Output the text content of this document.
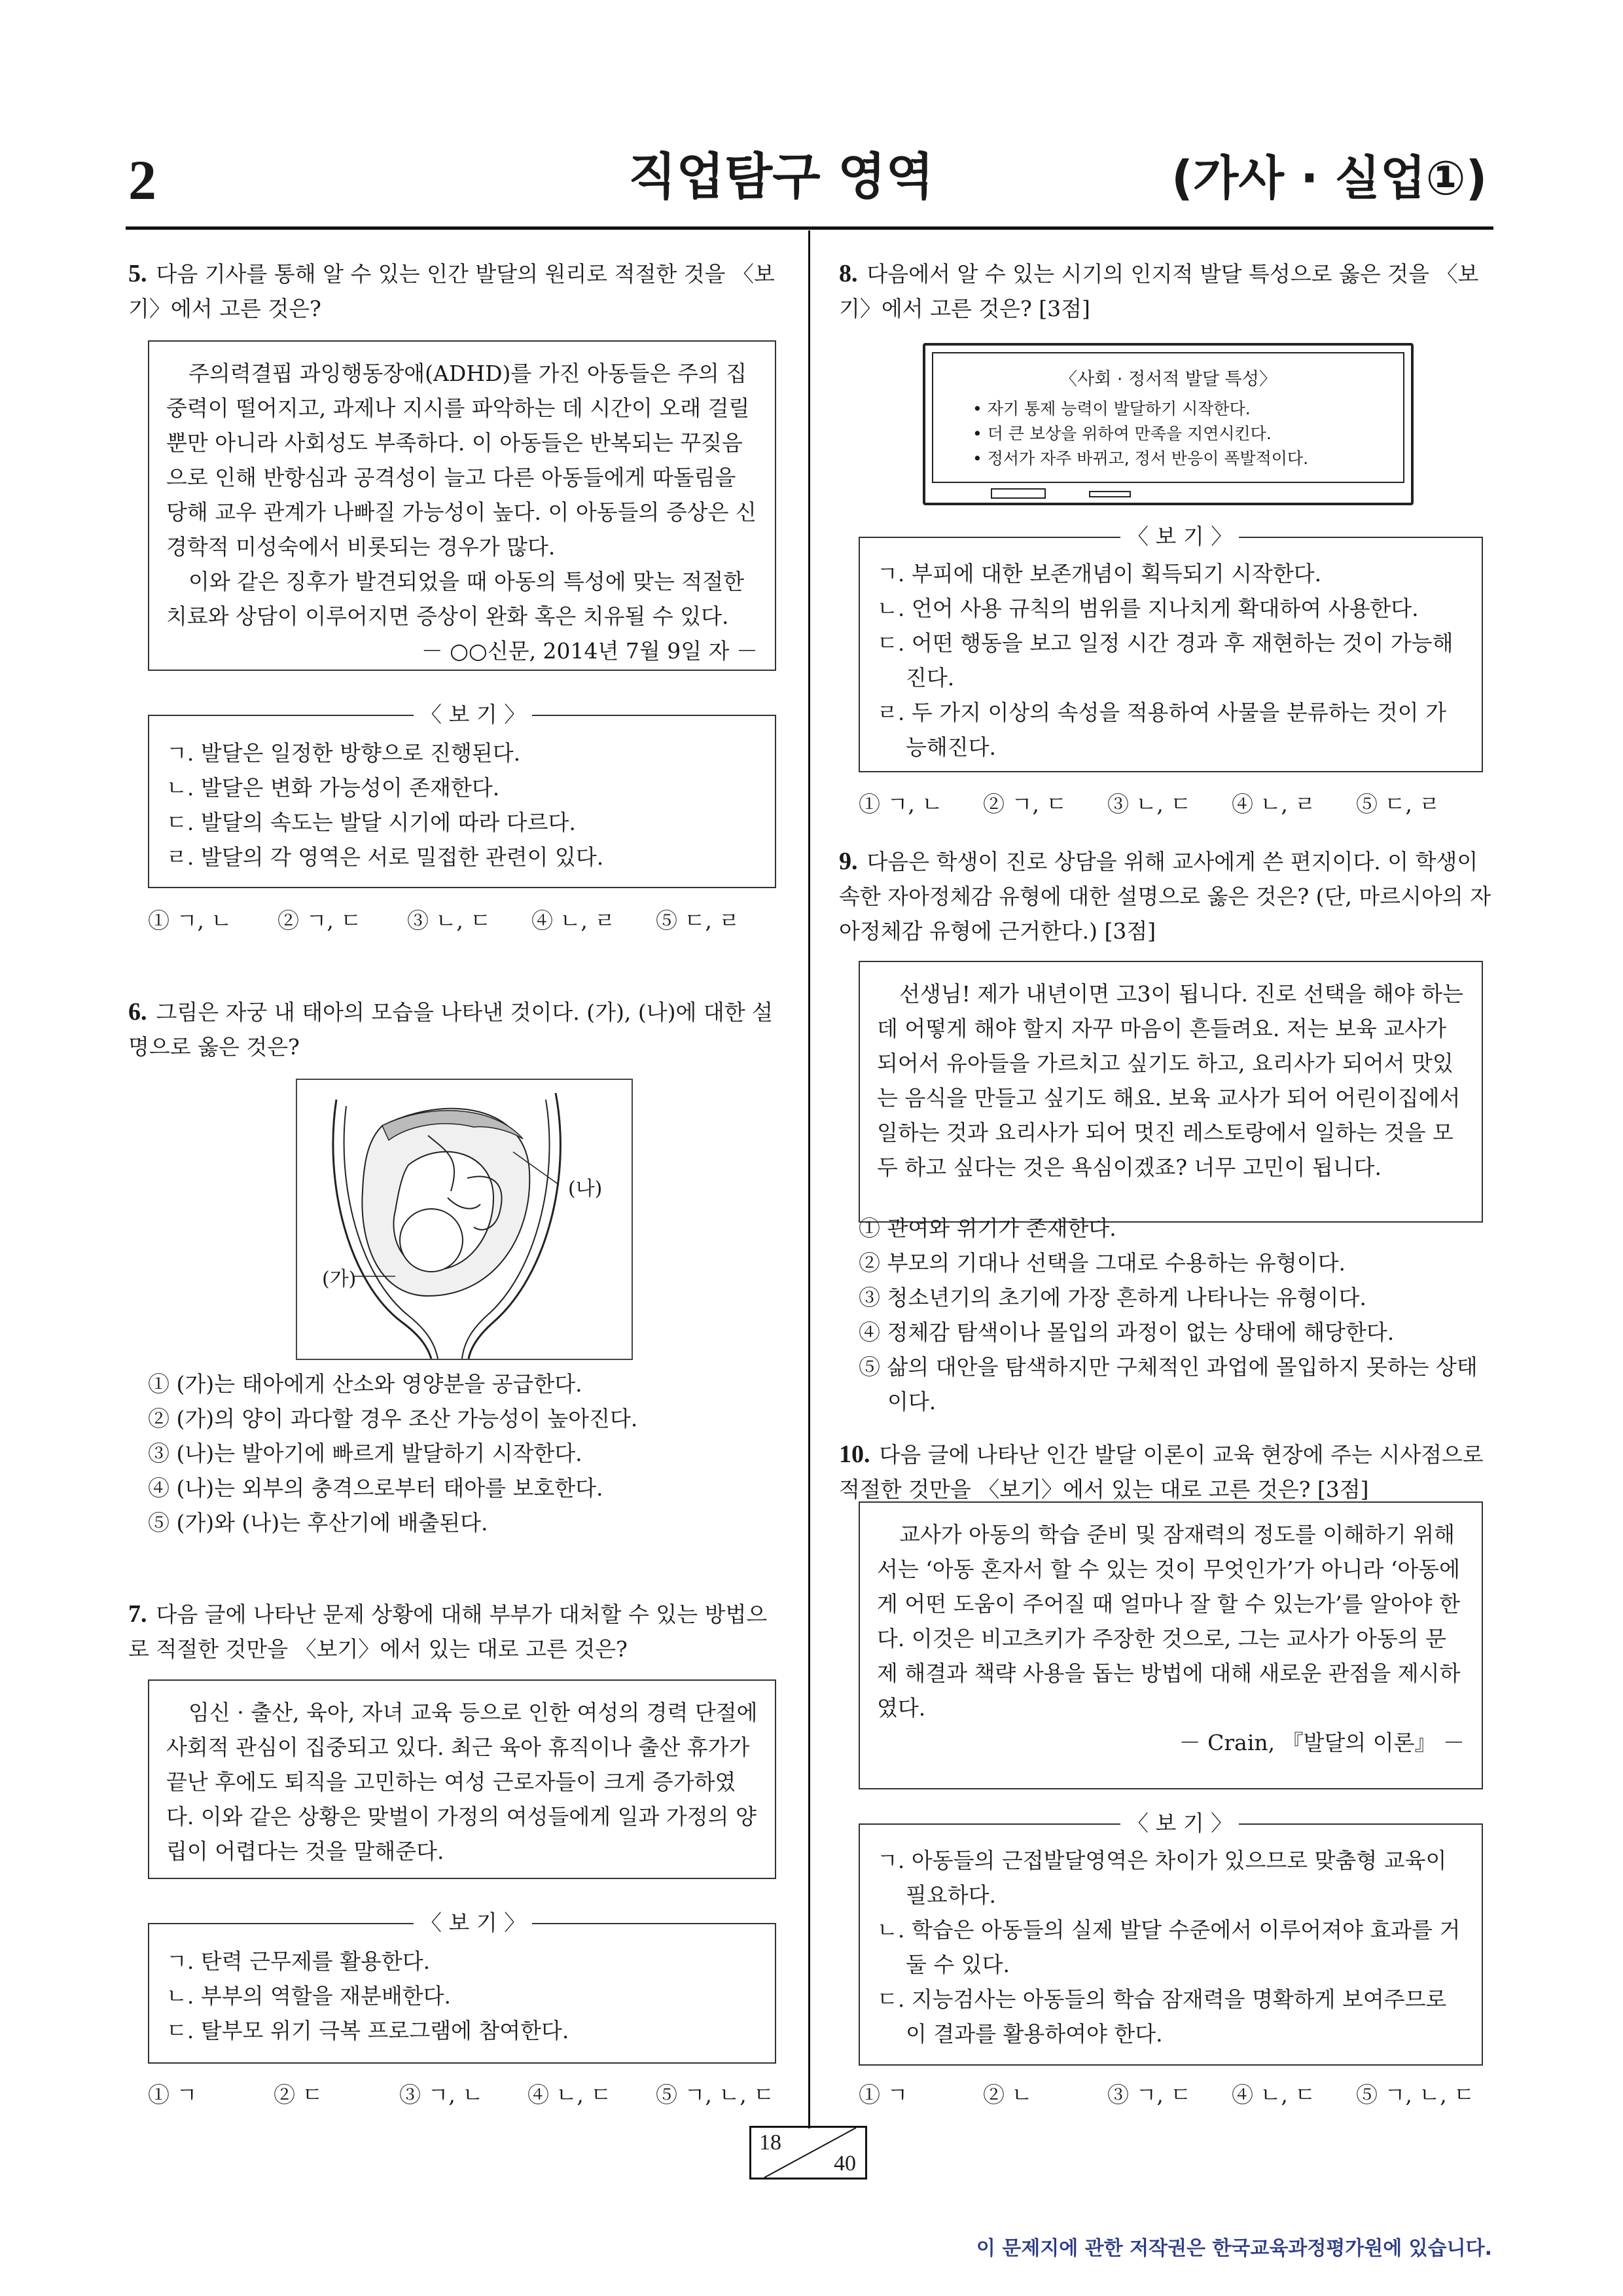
2	직업탐구 영역	(가사 · 실업①)
5. 다음 기사를 통해 알 수 있는 인간 발달의 원리로 적절한 것을 〈보기〉에서 고른 것은?

주의력결핍 과잉행동장애(ADHD)를 가진 아동들은 주의 집중력이 떨어지고, 과제나 지시를 파악하는 데 시간이 오래 걸릴 뿐만 아니라 사회성도 부족하다. 이 아동들은 반복되는 꾸짖음으로 인해 반항심과 공격성이 늘고 다른 아동들에게 따돌림을 당해 교우 관계가 나빠질 가능성이 높다. 이 아동들의 증상은 신경학적 미성숙에서 비롯되는 경우가 많다.

이와 같은 징후가 발견되었을 때 아동의 특성에 맞는 적절한 치료와 상담이 이루어지면 증상이 완화 혹은 치유될 수 있다.

－ ○○신문, 2014년 7월 9일 자 －

ㄱ. 발달은 일정한 방향으로 진행된다.

ㄴ. 발달은 변화 가능성이 존재한다.

ㄷ. 발달의 속도는 발달 시기에 따라 다르다.

ㄹ. 발달의 각 영역은 서로 밀접한 관련이 있다.

〈 보 기 〉
① ㄱ, ㄴ	② ㄱ, ㄷ	③ ㄴ, ㄷ	④ ㄴ, ㄹ	⑤ ㄷ, ㄹ
6. 그림은 자궁 내 태아의 모습을 나타낸 것이다. (가), (나)에 대한 설명으로 옳은 것은?
(나)
(가)

① (가)는 태아에게 산소와 영양분을 공급한다.

② (가)의 양이 과다할 경우 조산 가능성이 높아진다.

③ (나)는 발아기에 빠르게 발달하기 시작한다.

④ (나)는 외부의 충격으로부터 태아를 보호한다.

⑤ (가)와 (나)는 후산기에 배출된다.

7. 다음 글에 나타난 문제 상황에 대해 부부가 대처할 수 있는 방법으로 적절한 것만을 〈보기〉에서 있는 대로 고른 것은?

임신 · 출산, 육아, 자녀 교육 등으로 인한 여성의 경력 단절에 사회적 관심이 집중되고 있다. 최근 육아 휴직이나 출산 휴가가 끝난 후에도 퇴직을 고민하는 여성 근로자들이 크게 증가하였다. 이와 같은 상황은 맞벌이 가정의 여성들에게 일과 가정의 양립이 어렵다는 것을 말해준다.

ㄱ. 탄력 근무제를 활용한다.

ㄴ. 부부의 역할을 재분배한다.

ㄷ. 탈부모 위기 극복 프로그램에 참여한다.

〈 보 기 〉
① ㄱ	② ㄷ	③ ㄱ, ㄴ	④ ㄴ, ㄷ	⑤ ㄱ, ㄴ, ㄷ
8. 다음에서 알 수 있는 시기의 인지적 발달 특성으로 옳은 것을 〈보기〉에서 고른 것은? [3점]
〈사회 · 정서적 발달 특성〉
• 자기 통제 능력이 발달하기 시작한다.
• 더 큰 보상을 위하여 만족을 지연시킨다.
• 정서가 자주 바뀌고, 정서 반응이 폭발적이다.

ㄱ. 부피에 대한 보존개념이 획득되기 시작한다.

ㄴ. 언어 사용 규칙의 범위를 지나치게 확대하여 사용한다.

ㄷ. 어떤 행동을 보고 일정 시간 경과 후 재현하는 것이 가능해 진다.

ㄹ. 두 가지 이상의 속성을 적용하여 사물을 분류하는 것이 가능해진다.

〈 보 기 〉
① ㄱ, ㄴ	② ㄱ, ㄷ	③ ㄴ, ㄷ	④ ㄴ, ㄹ	⑤ ㄷ, ㄹ
9. 다음은 학생이 진로 상담을 위해 교사에게 쓴 편지이다. 이 학생이 속한 자아정체감 유형에 대한 설명으로 옳은 것은? (단, 마르시아의 자아정체감 유형에 근거한다.) [3점]

선생님! 제가 내년이면 고3이 됩니다. 진로 선택을 해야 하는데 어떻게 해야 할지 자꾸 마음이 흔들려요. 저는 보육 교사가 되어서 유아들을 가르치고 싶기도 하고, 요리사가 되어서 맛있는 음식을 만들고 싶기도 해요. 보육 교사가 되어 어린이집에서 일하는 것과 요리사가 되어 멋진 레스토랑에서 일하는 것을 모두 하고 싶다는 것은 욕심이겠죠? 너무 고민이 됩니다.

① 관여와 위기가 존재한다.

② 부모의 기대나 선택을 그대로 수용하는 유형이다.

③ 청소년기의 초기에 가장 흔하게 나타나는 유형이다.

④ 정체감 탐색이나 몰입의 과정이 없는 상태에 해당한다.

⑤ 삶의 대안을 탐색하지만 구체적인 과업에 몰입하지 못하는 상태이다.

10. 다음 글에 나타난 인간 발달 이론이 교육 현장에 주는 시사점으로 적절한 것만을 〈보기〉에서 있는 대로 고른 것은? [3점]

교사가 아동의 학습 준비 및 잠재력의 정도를 이해하기 위해서는 ‘아동 혼자서 할 수 있는 것이 무엇인가’가 아니라 ‘아동에게 어떤 도움이 주어질 때 얼마나 잘 할 수 있는가’를 알아야 한다. 이것은 비고츠키가 주장한 것으로, 그는 교사가 아동의 문제 해결과 책략 사용을 돕는 방법에 대해 새로운 관점을 제시하였다.

－ Crain, 『발달의 이론』 －

ㄱ. 아동들의 근접발달영역은 차이가 있으므로 맞춤형 교육이 필요하다.

ㄴ. 학습은 아동들의 실제 발달 수준에서 이루어져야 효과를 거둘 수 있다.

ㄷ. 지능검사는 아동들의 학습 잠재력을 명확하게 보여주므로 이 결과를 활용하여야 한다.

〈 보 기 〉
① ㄱ	② ㄴ	③ ㄱ, ㄷ	④ ㄴ, ㄷ	⑤ ㄱ, ㄴ, ㄷ
18
40
이 문제지에 관한 저작권은 한국교육과정평가원에 있습니다.
